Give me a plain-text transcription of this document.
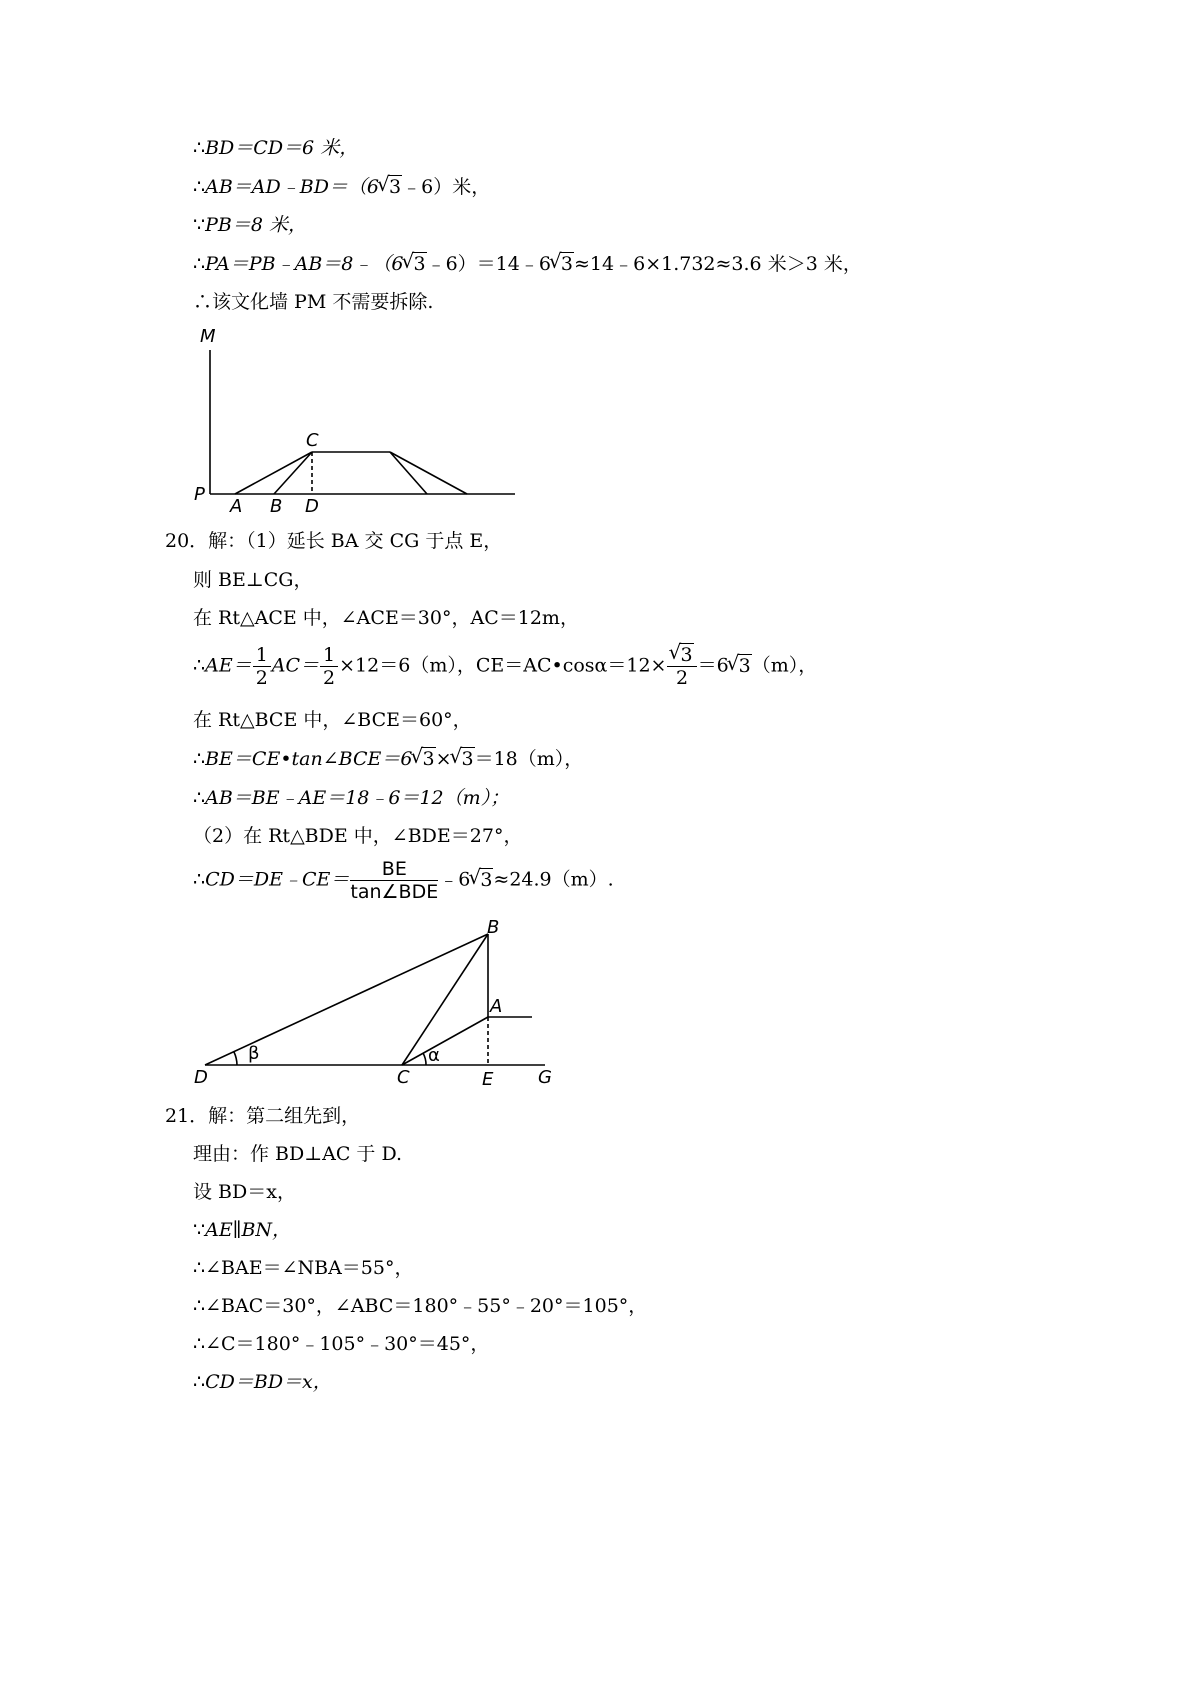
∴BD＝CD＝6 米，
∴AB＝AD﹣BD＝（6√ 3﹣6）米，
∵PB＝8 米，
∴PA＝PB﹣AB＝8﹣（6√ 3﹣6）＝14﹣6√ 3≈14﹣6×1.732≈3.6 米＞3 米，
∴该文化墙 PM 不需要拆除.
M
C
P
A B D
20．解：（1）延长 BA 交 CG 于点 E，
则 BE⊥CG，
在 Rt△ACE 中，∠ACE＝30°，AC＝12m，
∴AE＝ $\frac{1}{2} AC= \frac{1}{2} \times 12=6(m)$，CE＝AC•cosα＝12×
√ $\frac{3}{2} =6√$ 3（m），
在 Rt△BCE 中，∠BCE＝60°，
∴BE＝CE•tan∠BCE＝6√ 3×√ 3＝18（m），
∴AB＝BE﹣AE＝18﹣6＝12（m）；
（2）在 Rt△BDE 中，∠BDE＝27°，
∴CD＝DE﹣CE＝ $\frac{BE}{\text{tan∠BDE}}$ ﹣6√ 3≈24.9（m）.
B
A
D	C	E G
β	α
21．解：第二组先到，
理由：作 BD⊥AC 于 D.
设 BD＝x，
∵AE∥BN，
∴∠BAE＝∠NBA＝55°，
∴∠BAC＝30°，∠ABC＝180°﹣55°﹣20°＝105°，
∴∠C＝180°﹣105°﹣30°＝45°，
∴CD＝BD＝x，
